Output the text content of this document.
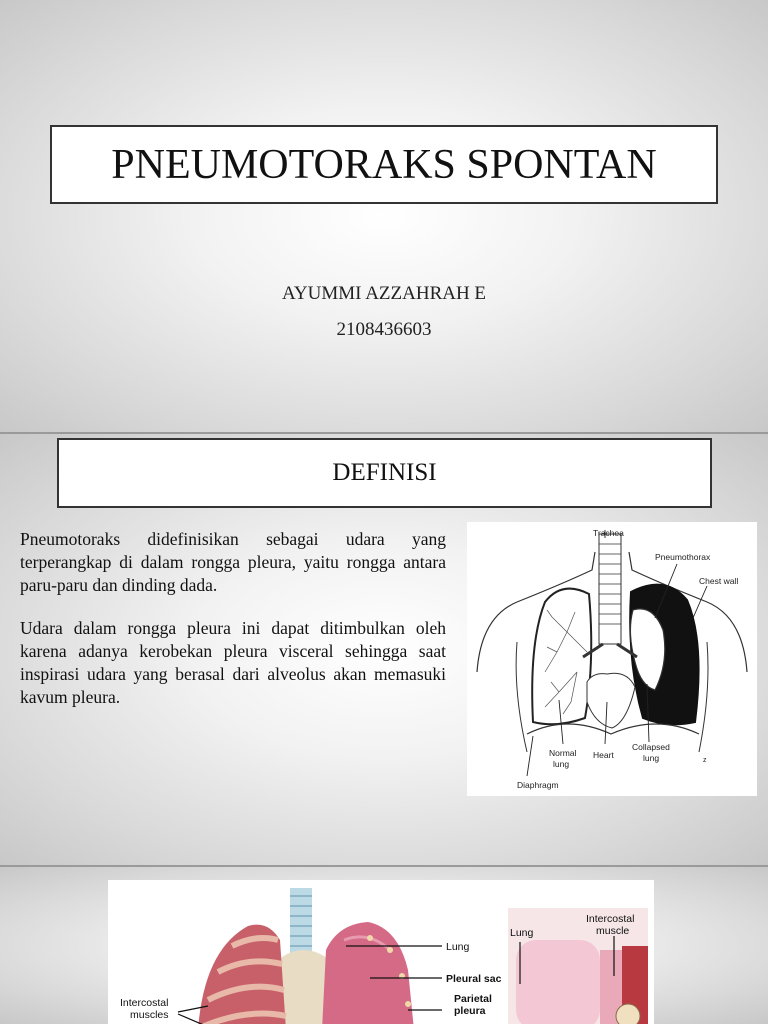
PNEUMOTORAKS SPONTAN
AYUMMI AZZAHRAH E
2108436603
DEFINISI

Pneumotoraks didefinisikan sebagai udara yang terperangkap di dalam rongga pleura, yaitu rongga antara paru-paru dan dinding dada.

Udara dalam rongga pleura ini dapat ditimbulkan oleh karena adanya kerobekan pleura visceral sehingga saat inspirasi udara yang berasal dari alveolus akan memasuki kavum pleura.

Trachea
Pneumothorax
Chest wall
Normal
lung
Heart
Collapsed
lung
Diaphragm
z
Lung
Pleural sac
Parietal
pleura
Intercostal
muscles
Lung
Intercostal
muscle
